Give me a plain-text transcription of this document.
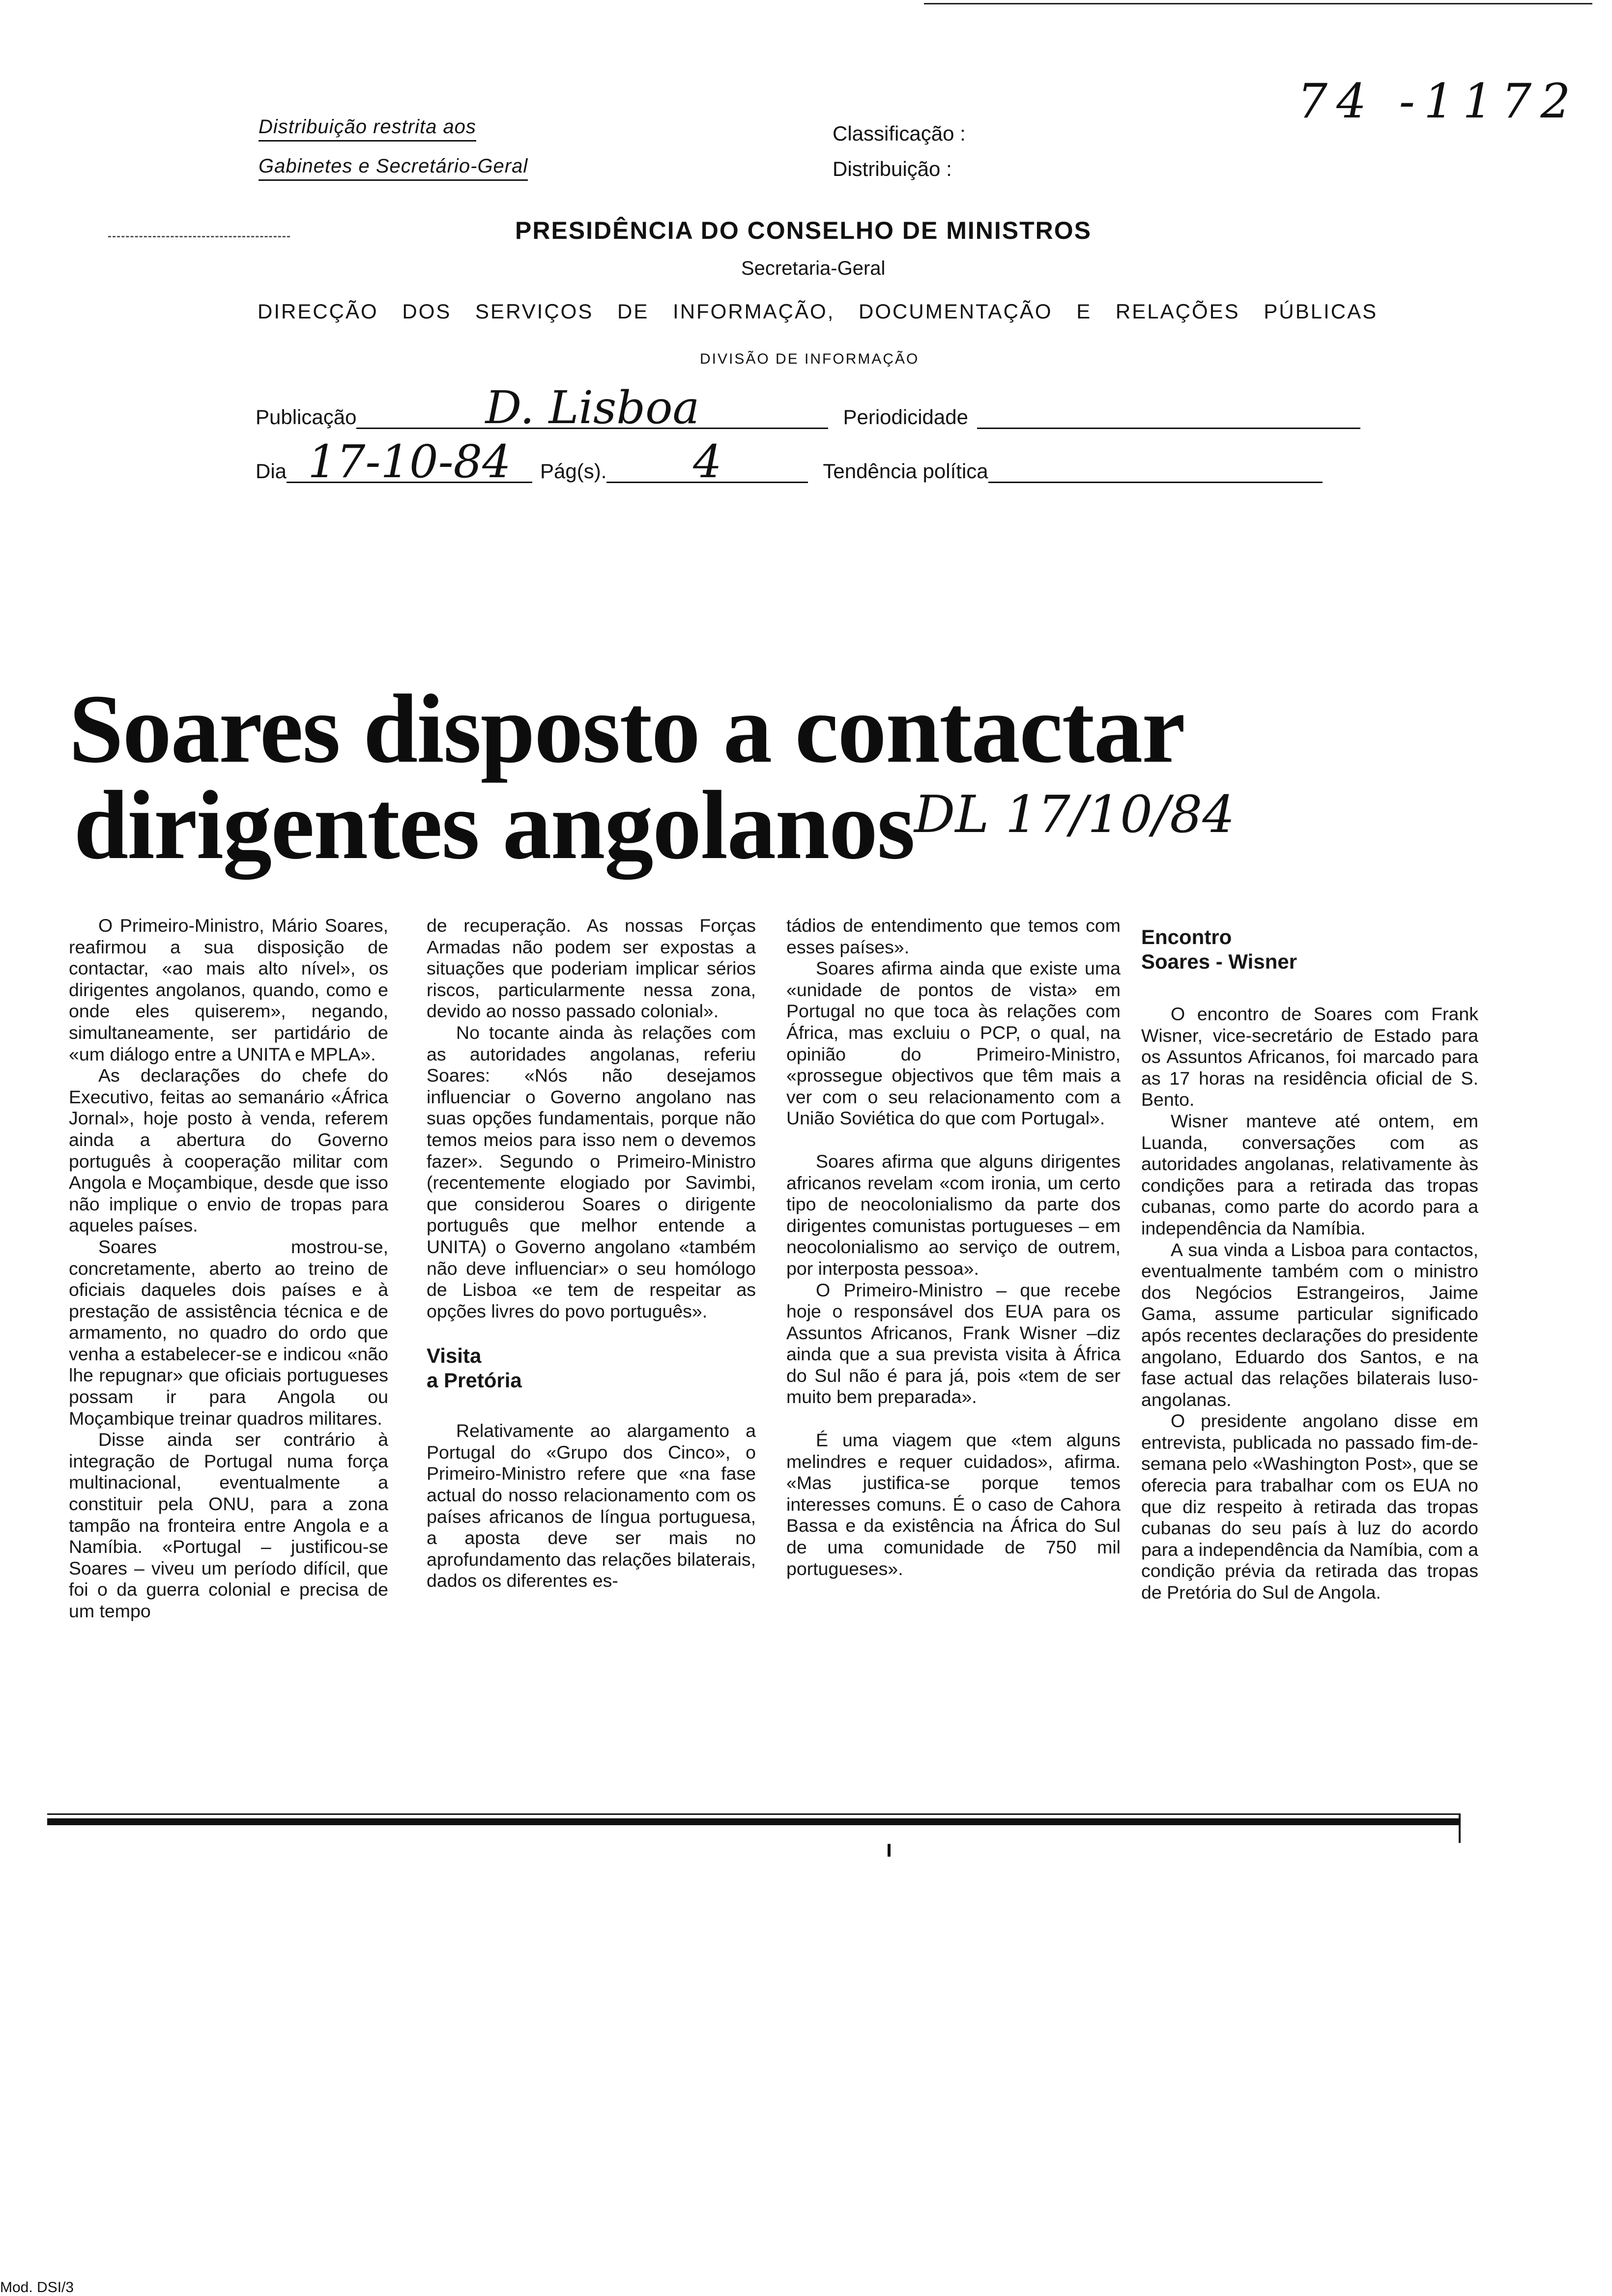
Distribuição restrita aos
Gabinetes e Secretário-Geral
Classificação :
Distribuição :
74 -1172
PRESIDÊNCIA DO CONSELHO DE MINISTROS
Secretaria-Geral
DIRECÇÃO DOS SERVIÇOS DE INFORMAÇÃO, DOCUMENTAÇÃO E RELAÇÕES PÚBLICAS
DIVISÃO DE INFORMAÇÃO
Publicação	D. Lisboa	Periodicidade
Dia 17-10-84	Pág(s).	4	Tendência política
Soares disposto a contactar
dirigentes angolanos DL 17/10/84

O Primeiro-Ministro, Mário Soares, reafirmou a sua disposição de contactar, «ao mais alto nível», os dirigentes angolanos, quando, como e onde eles quiserem», negando, simultaneamente, ser partidário de «um diálogo entre a UNITA e MPLA».

As declarações do chefe do Executivo, feitas ao semanário «África Jornal», hoje posto à venda, referem ainda a abertura do Governo português à cooperação militar com Angola e Moçambique, desde que isso não implique o envio de tropas para aqueles países.

Soares mostrou-se, concretamente, aberto ao treino de oficiais daqueles dois países e à prestação de assistência técnica e de armamento, no quadro do ordo que venha a estabelecer-se e indicou «não lhe repugnar» que oficiais portugueses possam ir para Angola ou Moçambique treinar quadros militares.

Disse ainda ser contrário à integração de Portugal numa força multinacional, eventualmente a constituir pela ONU, para a zona tampão na fronteira entre Angola e a Namíbia. «Portugal – justificou-se Soares – viveu um período difícil, que foi o da guerra colonial e precisa de um tempo

de recuperação. As nossas Forças Armadas não podem ser expostas a situações que poderiam implicar sérios riscos, particularmente nessa zona, devido ao nosso passado colonial».

No tocante ainda às relações com as autoridades angolanas, referiu Soares: «Nós não desejamos influenciar o Governo angolano nas suas opções fundamentais, porque não temos meios para isso nem o devemos fazer». Segundo o Primeiro-Ministro (recentemente elogiado por Savimbi, que considerou Soares o dirigente português que melhor entende a UNITA) o Governo angolano «também não deve influenciar» o seu homólogo de Lisboa «e tem de respeitar as opções livres do povo português».

Visita
a Pretória

Relativamente ao alargamento a Portugal do «Grupo dos Cinco», o Primeiro-Ministro refere que «na fase actual do nosso relacionamento com os países africanos de língua portuguesa, a aposta deve ser mais no aprofundamento das relações bilaterais, dados os diferentes es-

tádios de entendimento que temos com esses países».

Soares afirma ainda que existe uma «unidade de pontos de vista» em Portugal no que toca às relações com África, mas excluiu o PCP, o qual, na opinião do Primeiro-Ministro, «prossegue objectivos que têm mais a ver com o seu relacionamento com a União Soviética do que com Portugal».

Soares afirma que alguns dirigentes africanos revelam «com ironia, um certo tipo de neocolonialismo da parte dos dirigentes comunistas portugueses – em neocolonialismo ao serviço de outrem, por interposta pessoa».

O Primeiro-Ministro – que recebe hoje o responsável dos EUA para os Assuntos Africanos, Frank Wisner –diz ainda que a sua prevista visita à África do Sul não é para já, pois «tem de ser muito bem preparada».

É uma viagem que «tem alguns melindres e requer cuidados», afirma. «Mas justifica-se porque temos interesses comuns. É o caso de Cahora Bassa e da existência na África do Sul de uma comunidade de 750 mil portugueses».

Encontro
Soares - Wisner

O encontro de Soares com Frank Wisner, vice-secretário de Estado para os Assuntos Africanos, foi marcado para as 17 horas na residência oficial de S. Bento.

Wisner manteve até ontem, em Luanda, conversações com as autoridades angolanas, relativamente às condições para a retirada das tropas cubanas, como parte do acordo para a independência da Namíbia.

A sua vinda a Lisboa para contactos, eventualmente também com o ministro dos Negócios Estrangeiros, Jaime Gama, assume particular significado após recentes declarações do presidente angolano, Eduardo dos Santos, e na fase actual das relações bilaterais luso-angolanas.

O presidente angolano disse em entrevista, publicada no passado fim-de-semana pelo «Washington Post», que se oferecia para trabalhar com os EUA no que diz respeito à retirada das tropas cubanas do seu país à luz do acordo para a independência da Namíbia, com a condição prévia da retirada das tropas de Pretória do Sul de Angola.

Mod. DSI/3
